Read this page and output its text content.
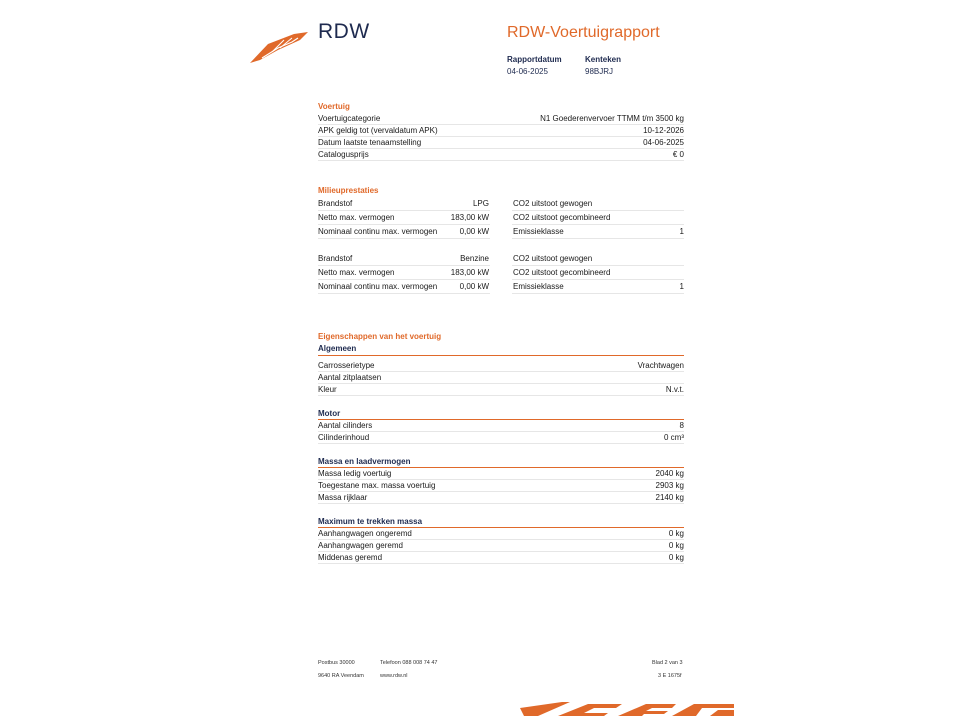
RDW	RDW-Voertuigrapport
Rapportdatum
04-06-2025
Kenteken
98BJRJ
Voertuig
Voertuigcategorie	N1 Goederenvervoer TTMM t/m 3500 kg
APK geldig tot (vervaldatum APK)	10-12-2026
Datum laatste tenaamstelling	04-06-2025
Catalogusprijs	€ 0
Milieuprestaties
Brandstof	LPG	CO2 uitstoot gewogen
Netto max. vermogen	183,00 kW	CO2 uitstoot gecombineerd
Nominaal continu max. vermogen	0,00 kW	Emissieklasse	1
Brandstof	Benzine	CO2 uitstoot gewogen
Netto max. vermogen	183,00 kW	CO2 uitstoot gecombineerd
Nominaal continu max. vermogen	0,00 kW	Emissieklasse	1
Eigenschappen van het voertuig
Algemeen
Carrosserietype	Vrachtwagen
Aantal zitplaatsen
Kleur	N.v.t.
Motor
Aantal cilinders	8
Cilinderinhoud	0 cm³
Massa en laadvermogen
Massa ledig voertuig	2040 kg
Toegestane max. massa voertuig	2903 kg
Massa rijklaar	2140 kg
Maximum te trekken massa
Aanhangwagen ongeremd	0 kg
Aanhangwagen geremd	0 kg
Middenas geremd	0 kg
Postbus 30000	Telefoon 088 008 74 47	Blad 2 van 3
9640 RA Veendam	www.rdw.nl	3 E 1675f
